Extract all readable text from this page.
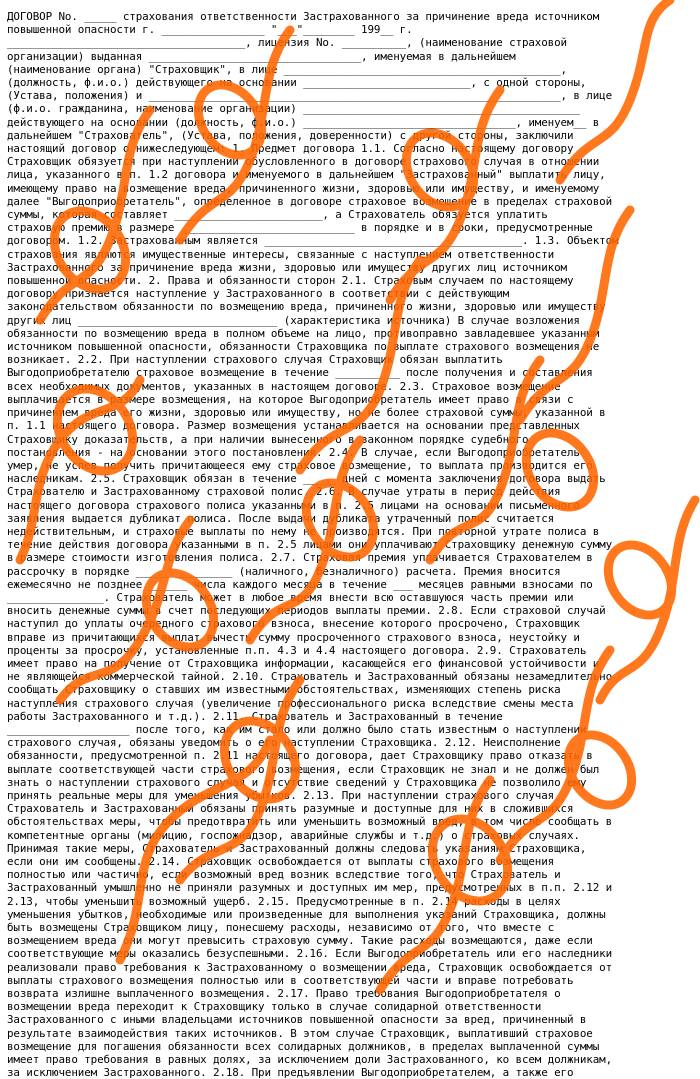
ДОГОВОР No. _____ страхования ответственности Застрахованного за причинение вреда источником
повышенной опасности г. ________________ "___"________ 199__ г.
_____________________________________, лицензия No. __________, (наименование страховой
организации) выданная _________________________________, именуемая в дальнейшем
(наименование органа) "Страховщик", в лице ___________________________________________,
(должность, ф.и.о.) действующего на основании __________________________, с одной стороны,
(Устава, положения) и ________________________________________________________________, в лице
(ф.и.о. гражданина, наименование организации) ___________________________________________
действующего на основании (должность, ф.и.о.) _________________________________, именуем__ в
дальнейшем "Страхователь", (Устава, положения, доверенности) с другой стороны, заключили
настоящий договор о нижеследующем: 1. Предмет договора 1.1. Согласно настоящему договору
Страховщик обязуется при наступлении обусловленного в договоре страхового случая в отношении
лица, указанного в п. 1.2 договора и именуемого в дальнейшем "Застрахованный" выплатить лицу,
имеющему право на возмещение вреда, причиненного жизни, здоровью или имуществу, и именуемому
далее "Выгодоприобретатель", определенное в договоре страховое возмещение в пределах страховой
суммы, которая составляет _______________________, а Страхователь обязуется уплатить
страховую премию в размере ___________________________ в порядке и в сроки, предусмотренные
договором. 1.2. Застрахованным является ________________________________________. 1.3. Объектом
страхования являются имущественные интересы, связанные с наступлением ответственности
Застрахованного за причинение вреда жизни, здоровью или имуществу других лиц источником
повышенной опасности. 2. Права и обязанности сторон 2.1. Страховым случаем по настоящему
договору признается наступление у Застрахованного в соответствии с действующим
законодательством обязанности по возмещению вреда, причиненного жизни, здоровью или имуществу
других лиц _______________________________ (характеристика источника) В случае возложения
обязанности по возмещению вреда в полном объеме на лицо, противоправно завладевшее указанным
источником повышенной опасности, обязанности Страховщика по выплате страхового возмещения не
возникает. 2.2. При наступлении страхового случая Страховщик обязан выплатить
Выгодоприобретателю страховое возмещение в течение __________ после получения и составления
всех необходимых документов, указанных в настоящем договоре. 2.3. Страховое возмещение
выплачивается в размере возмещения, на которое Выгодоприобретатель имеет право в связи с
причинением вреда его жизни, здоровью или имуществу, но не более страховой суммы, указанной в
п. 1.1 настоящего договора. Размер возмещения устанавливается на основании представленных
Страховщику доказательств, а при наличии вынесенного в законном порядке судебного
постановления - на основании этого постановления. 2.4. В случае, если Выгодоприобретатель
умер, не успев получить причитающееся ему страховое возмещение, то выплата производится его
наследникам. 2.5. Страховщик обязан в течение _____ дней с момента заключения договора выдать
Страхователю и Застрахованному страховой полис. 2.6. В случае утраты в период действия
настоящего договора страхового полиса указанными в п. 2.5 лицами на основании письменного
заявления выдается дубликат полиса. После выдачи дубликата утраченный полис считается
недействительным, и страховые выплаты по нему не производятся. При повторной утрате полиса в
течение действия договора указанными в п. 2.5 лицами они уплачивают Страховщику денежную сумму
в размере стоимости изготовления полиса. 2.7. Страховая премия уплачивается Страхователем в
рассрочку в порядке _______________ (наличного, безналичного) расчета. Премия вносится
ежемесячно не позднее ______ числа каждого месяца в течение ___ месяцев равными взносами по
_______________. Страхователь может в любое время внести всю оставшуюся часть премии или
вносить денежные суммы в счет последующих периодов выплаты премии. 2.8. Если страховой случай
наступил до уплаты очередного страхового взноса, внесение которого просрочено, Страховщик
вправе из причитающихся выплат вычесть сумму просроченного страхового взноса, неустойку и
проценты за просрочку, установленные п.п. 4.3 и 4.4 настоящего договора. 2.9. Страхователь
имеет право на получение от Страховщика информации, касающейся его финансовой устойчивости и
не являющейся коммерческой тайной. 2.10. Страхователь и Застрахованный обязаны незамедлительно
сообщать Страховщику о ставших им известными обстоятельствах, изменяющих степень риска
наступления страхового случая (увеличение профессионального риска вследствие смены места
работы Застрахованного и т.д.). 2.11. Страхователь и Застрахованный в течение
___________________ после того, как им стало или должно было стать известным о наступлении
страхового случая, обязаны уведомить о его наступлении Страховщика. 2.12. Неисполнение
обязанности, предусмотренной п. 2.11 настоящего договора, дает Страховщику право отказать в
выплате соответствующей части страхового возмещения, если Страховщик не знал и не должен был
знать о наступлении страхового случая и отсутствие сведений у Страховщика не позволило ему
принять реальные меры для уменьшения убытков. 2.13. При наступлении страхового случая
Страхователь и Застрахованный обязаны принять разумные и доступные для них в сложившихся
обстоятельствах меры, чтобы предотвратить или уменьшить возможный вред, в том числе сообщать в
компетентные органы (милицию, госпожнадзор, аварийные службы и т.д.) о страховых случаях.
Принимая такие меры, Страхователь и Застрахованный должны следовать указаниям Страховщика,
если они им сообщены. 2.14. Страховщик освобождается от выплаты страхового возмещения
полностью или частично, если возможный вред возник вследствие того, что Страхователь и
Застрахованный умышленно не приняли разумных и доступных им мер, предусмотренных в п.п. 2.12 и
2.13, чтобы уменьшить возможный ущерб. 2.15. Предусмотренные в п. 2.14 расходы в целях
уменьшения убытков, необходимые или произведенные для выполнения указаний Страховщика, должны
быть возмещены Страховщиком лицу, понесшему расходы, независимо от того, что вместе с
возмещением вреда они могут превысить страховую сумму. Такие расходы возмещаются, даже если
соответствующие меры оказались безуспешными. 2.16. Если Выгодоприобретатель или его наследники
реализовали право требования к Застрахованному о возмещении вреда, Страховщик освобождается от
выплаты страхового возмещения полностью или в соответствующей части и вправе потребовать
возврата излишне выплаченного возмещения. 2.17. Право требования Выгодоприобретателя о
возмещении вреда переходит к Страховщику только в случае солидарной ответственности
Застрахованного с иными владельцами источников повышенной опасности за вред, причиненный в
результате взаимодействия таких источников. В этом случае Страховщик, выплативший страховое
возмещение для погашения обязанности всех солидарных должников, в пределах выплаченной суммы
имеет право требования в равных долях, за исключением доли Застрахованного, ко всем должникам,
за исключением Застрахованного. 2.18. При предъявлении Выгодоприобретателем, а также его
